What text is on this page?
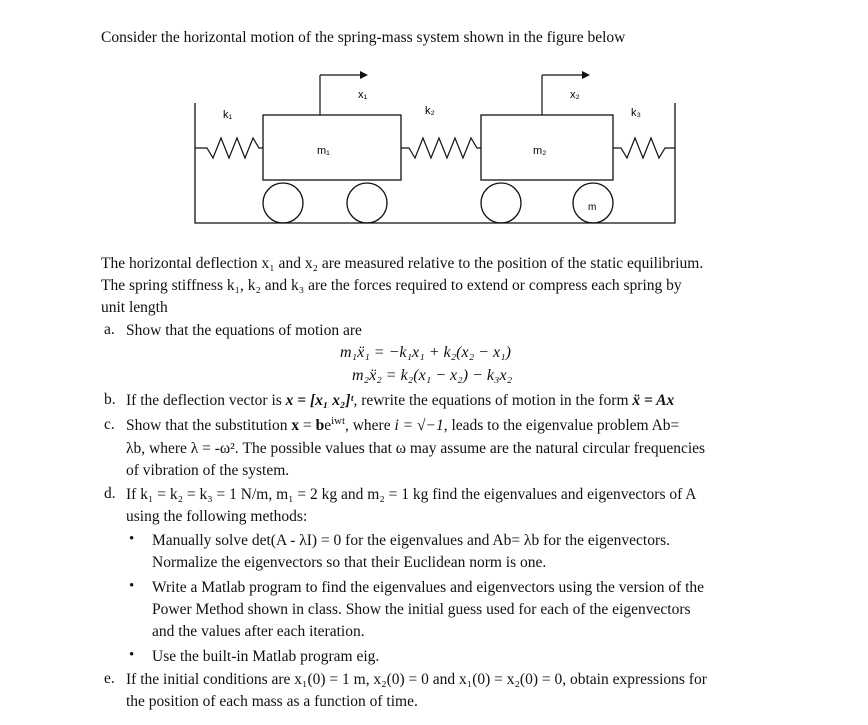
Consider the horizontal motion of the spring-mass system shown in the figure below
k₁
x₁
m₁
k₂
x₂
m₂
k₃
m
The horizontal deflection x₁ and x₂ are measured relative to the position of the static equilibrium.
The spring stiffness k₁, k₂ and k₃ are the forces required to extend or compress each spring by
unit length
a. Show that the equations of motion are
m₁ẍ₁ = −k₁x₁ + k₂(x₂ − x₁)
m₂ẍ₂ = k₂(x₁ − x₂) − k₃x₂
b. If the deflection vector is x = [x₁ x₂]ᵗ, rewrite the equations of motion in the form ẍ = Ax
c. Show that the substitution $x = be^{iwt}$, where i = √−1, leads to the eigenvalue problem Ab=
λb, where λ = -ω². The possible values that ω may assume are the natural circular frequencies
of vibration of the system.
d. If k₁ = k₂ = k₃ = 1 N/m, m₁ = 2 kg and m₂ = 1 kg find the eigenvalues and eigenvectors of A
using the following methods:
• Manually solve det(A - λI) = 0 for the eigenvalues and Ab= λb for the eigenvectors.
Normalize the eigenvectors so that their Euclidean norm is one.
• Write a Matlab program to find the eigenvalues and eigenvectors using the version of the
Power Method shown in class. Show the initial guess used for each of the eigenvectors
and the values after each iteration.
• Use the built-in Matlab program eig.
e. If the initial conditions are x₁(0) = 1 m, x₂(0) = 0 and x₁(0) = x₂(0) = 0, obtain expressions for
the position of each mass as a function of time.
